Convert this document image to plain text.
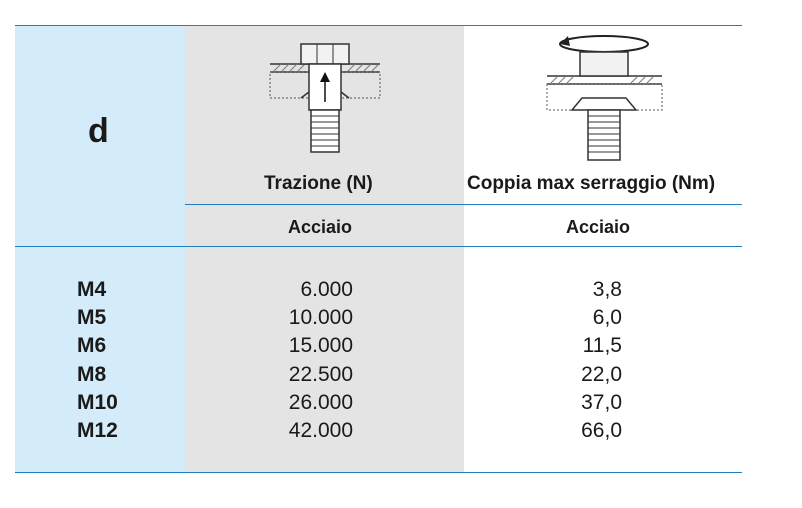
d
Trazione (N)	Coppia max serraggio (Nm)
Acciaio	Acciaio
M4	6.000	3,8
M5	10.000	6,0
M6	15.000	11,5
M8	22.500	22,0
M10	26.000	37,0
M12	42.000	66,0
